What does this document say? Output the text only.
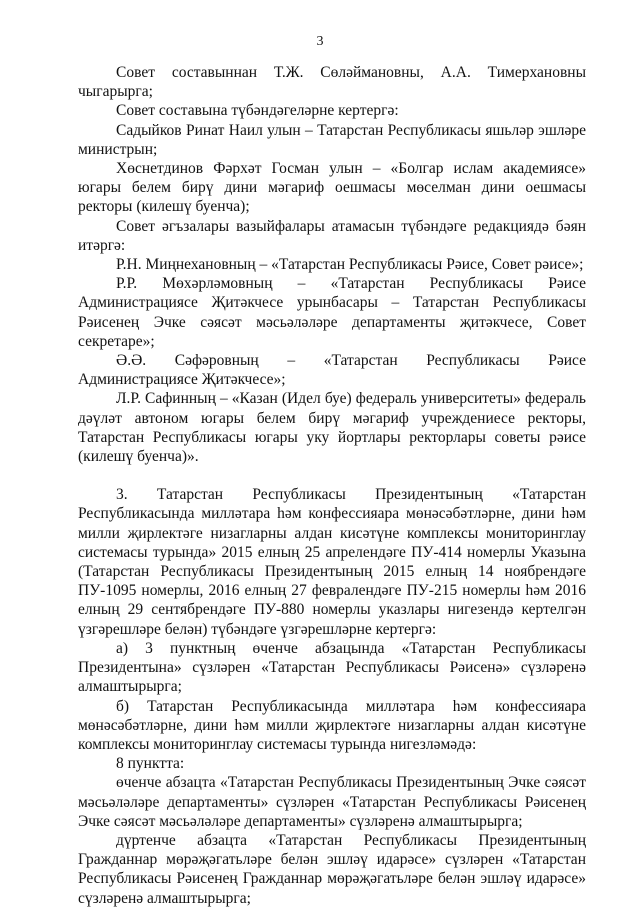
3

Совет составыннан Т.Ж. Сөләймановны, А.А. Тимерхановны чыгарырга;

Совет составына түбәндәгеләрне кертергә:

Садыйков Ринат Наил улын – Татарстан Республикасы яшьләр эшләре министрын;

Хөснетдинов Фәрхәт Госман улын – «Болгар ислам академиясе» югары белем бирү дини мәгариф оешмасы мөселман дини оешмасы ректоры (килешү буенча);

Совет әгъзалары вазыйфалары атамасын түбәндәге редакциядә бәян итәргә:

Р.Н. Миңнехановның – «Татарстан Республикасы Рәисе, Совет рәисе»;

Р.Р. Мөхәрләмовның – «Татарстан Республикасы Рәисе Администрациясе Җитәкчесе урынбасары – Татарстан Республикасы Рәисенең Эчке сәясәт мәсьәләләре департаменты җитәкчесе, Совет секретаре»;

Ә.Ә. Сәфәровның – «Татарстан Республикасы Рәисе Администрациясе Җитәкчесе»;

Л.Р. Сафинның – «Казан (Идел буе) федераль университеты» федераль дәүләт автоном югары белем бирү мәгариф учреждениесе ректоры, Татарстан Республикасы югары уку йортлары ректорлары советы рәисе (килешү буенча)».

3. Татарстан Республикасы Президентының «Татарстан Республикасында милләтара һәм конфессияара мөнәсәбәтләрне, дини һәм милли җирлектәге низагларны алдан кисәтүне комплексы мониторинглау системасы турында» 2015 елның 25 апрелендәге ПУ-414 номерлы Указына (Татарстан Республикасы Президентының 2015 елның 14 ноябрендәге ПУ-1095 номерлы, 2016 елның 27 февралендәге ПУ-215 номерлы һәм 2016 елның 29 сентябрендәге ПУ-880 номерлы указлары нигезендә кертелгән үзгәрешләре белән) түбәндәге үзгәрешләрне кертергә:

а) 3 пунктның өченче абзацында «Татарстан Республикасы Президентына» сүзләрен «Татарстан Республикасы Рәисенә» сүзләренә алмаштырырга;

б) Татарстан Республикасында милләтара һәм конфессияара мөнәсәбәтләрне, дини һәм милли җирлектәге низагларны алдан кисәтүне комплексы мониторинглау системасы турында нигезләмәдә:

8 пунктта:

өченче абзацта «Татарстан Республикасы Президентының Эчке сәясәт мәсьәләләре департаменты» сүзләрен «Татарстан Республикасы Рәисенең Эчке сәясәт мәсьәләләре департаменты» сүзләренә алмаштырырга;

дүртенче абзацта «Татарстан Республикасы Президентының Гражданнар мөрәҗәгатьләре белән эшләү идарәсе» сүзләрен «Татарстан Республикасы Рәисенең Гражданнар мөрәҗәгатьләре белән эшләү идарәсе» сүзләренә алмаштырырга;
